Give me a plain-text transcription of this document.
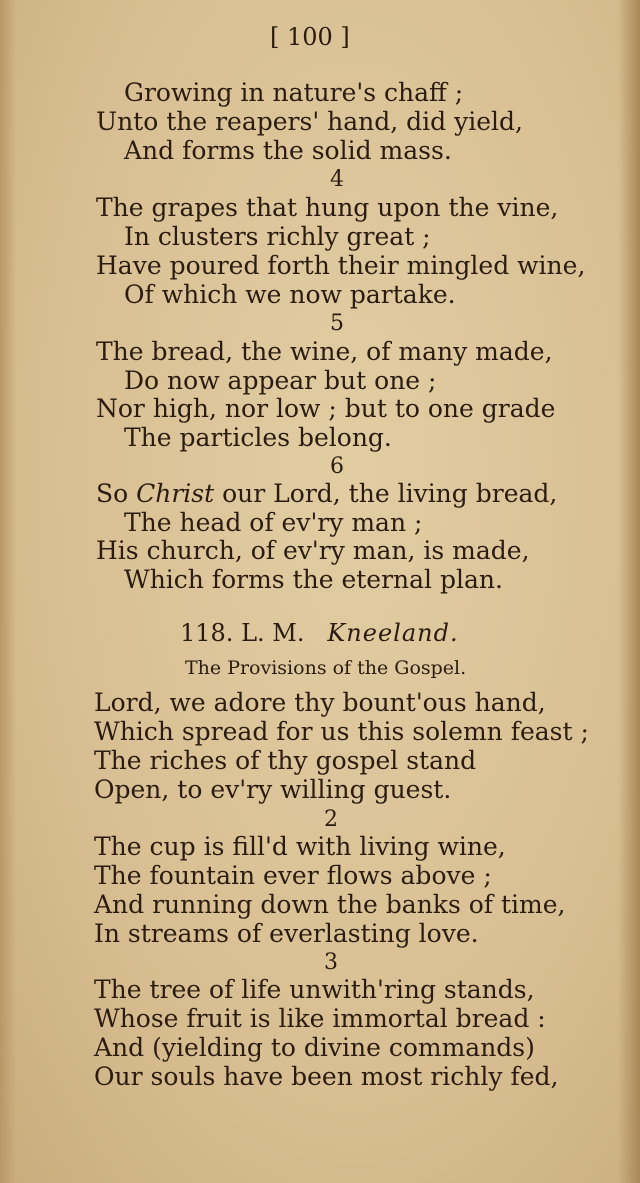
[ 100 ]
Growing in nature's chaff ;
Unto the reapers' hand, did yield,
And forms the solid mass.
4
The grapes that hung upon the vine,
In clusters richly great ;
Have poured forth their mingled wine,
Of which we now partake.
5
The bread, the wine, of many made,
Do now appear but one ;
Nor high, nor low ; but to one grade
The particles belong.
6
So Christ our Lord, the living bread,
The head of ev'ry man ;
His church, of ev'ry man, is made,
Which forms the eternal plan.
118. L. M. Kneeland.
The Provisions of the Gospel.
Lord, we adore thy bount'ous hand,
Which spread for us this solemn feast ;
The riches of thy gospel stand
Open, to ev'ry willing guest.
2
The cup is fill'd with living wine,
The fountain ever flows above ;
And running down the banks of time,
In streams of everlasting love.
3
The tree of life unwith'ring stands,
Whose fruit is like immortal bread :
And (yielding to divine commands)
Our souls have been most richly fed,
